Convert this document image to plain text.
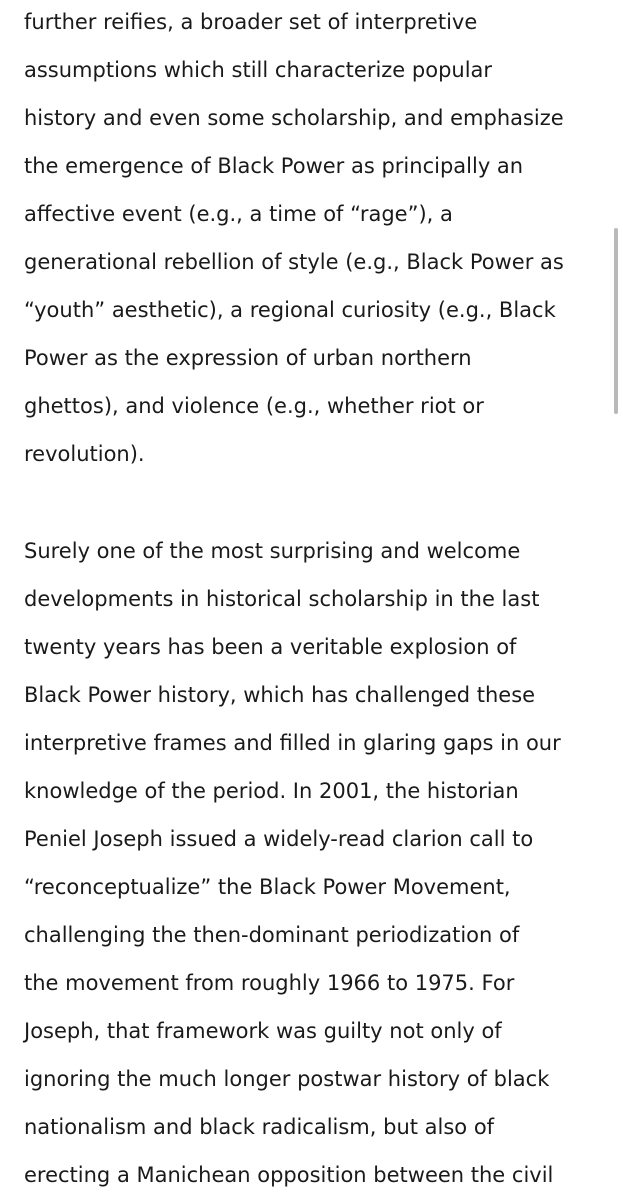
further reifies, a broader set of interpretive
assumptions which still characterize popular
history and even some scholarship, and emphasize
the emergence of Black Power as principally an
affective event (e.g., a time of “rage”), a
generational rebellion of style (e.g., Black Power as
“youth” aesthetic), a regional curiosity (e.g., Black
Power as the expression of urban northern
ghettos), and violence (e.g., whether riot or
revolution).
Surely one of the most surprising and welcome
developments in historical scholarship in the last
twenty years has been a veritable explosion of
Black Power history, which has challenged these
interpretive frames and filled in glaring gaps in our
knowledge of the period. In 2001, the historian
Peniel Joseph issued a widely-read clarion call to
“reconceptualize” the Black Power Movement,
challenging the then-dominant periodization of
the movement from roughly 1966 to 1975. For
Joseph, that framework was guilty not only of
ignoring the much longer postwar history of black
nationalism and black radicalism, but also of
erecting a Manichean opposition between the civil
